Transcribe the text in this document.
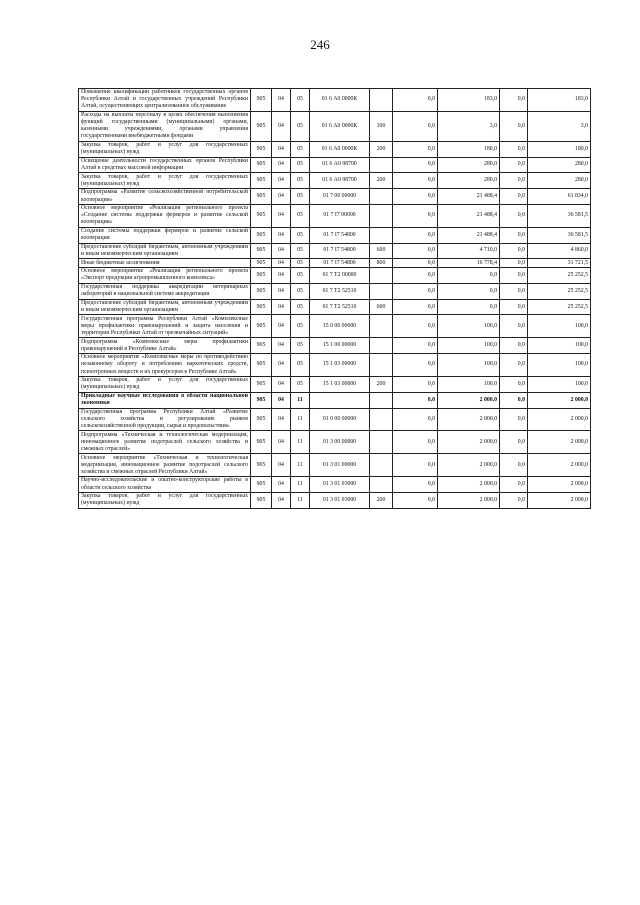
246
Повышение квалификации работников государственных органов Республики Алтай и государственных учреждений Республики Алтай, осуществляющих централизованное обслуживание	905	04	05	01 6 А0 0000К		0,0	183,0	0,0	183,0
Расходы на выплаты персоналу в целях обеспечения выполнения функций государственными (муниципальными) органами, казенными учреждениями, органами управления государственными внебюджетными фондами	905	04	05	01 6 А0 0000К	100	0,0	3,0	0,0	3,0
Закупка товаров, работ и услуг для государственных (муниципальных) нужд	905	04	05	01 6 А0 0000К	200	0,0	180,0	0,0	180,0
Освещение деятельности государственных органов Республики Алтай в средствах массовой информации	905	04	05	01 6 А0 98700		0,0	280,0	0,0	280,0
Закупка товаров, работ и услуг для государственных (муниципальных) нужд	905	04	05	01 6 А0 98700	200	0,0	280,0	0,0	280,0
Подпрограмма «Развитие сельскохозяйственной потребительской кооперации»	905	04	05	01 7 00 00000		0,0	21 488,4	0,0	61 834,0
Основное мероприятие «Реализация регионального проекта «Создание системы поддержки фермеров и развитие сельской кооперации»	905	04	05	01 7 I7 00000		0,0	21 488,4	0,0	36 581,5
Создание системы поддержки фермеров и развитие сельской кооперации	905	04	05	01 7 I7 54800		0,0	21 488,4	0,0	36 581,5
Предоставление субсидий бюджетным, автономным учреждениям и иным некоммерческим организациям	905	04	05	01 7 I7 54800	600	0,0	4 710,0	0,0	4 860,0
Иные бюджетные ассигнования	905	04	05	01 7 I7 54800	800	0,0	16 778,4	0,0	31 721,5
Основное мероприятие «Реализация регионального проекта «Экспорт продукции агропромышленного комплекса»	905	04	05	01 7 T2 00000		0,0	0,0	0,0	25 252,5
Государственная поддержка аккредитации ветеринарных лабораторий в национальной системе аккредитации	905	04	05	01 7 T2 52510		0,0	0,0	0,0	25 252,5
Предоставление субсидий бюджетным, автономным учреждениям и иным некоммерческим организациям	905	04	05	01 7 T2 52510	600	0,0	0,0	0,0	25 252,5
Государственная программа Республики Алтай «Комплексные меры профилактики правонарушений и защита населения и территории Республики Алтай от чрезвычайных ситуаций»	905	04	05	15 0 00 00000		0,0	100,0	0,0	100,0
Подпрограмма «Комплексные меры профилактики правонарушений в Республике Алтай»	905	04	05	15 1 00 00000		0,0	100,0	0,0	100,0
Основное мероприятие «Комплексные меры по противодействию незаконному обороту и потреблению наркотических средств, психотропных веществ и их прекурсоров в Республике Алтай»	905	04	05	15 1 03 00000		0,0	100,0	0,0	100,0
Закупка товаров, работ и услуг для государственных (муниципальных) нужд	905	04	05	15 1 03 00000	200	0,0	100,0	0,0	100,0
Прикладные научные исследования в области национальной экономики	905	04	11			0,0	2 000,0	0,0	2 000,0
Государственная программа Республики Алтай «Развитие сельского хозяйства и регулирование рынков сельскохозяйственной продукции, сырья и продовольствия»	905	04	11	01 0 00 00000		0,0	2 000,0	0,0	2 000,0
Подпрограмма «Техническая и технологическая модернизация, инновационное развитие подотраслей сельского хозяйства и смежных отраслей»	905	04	11	01 3 00 00000		0,0	2 000,0	0,0	2 000,0
Основное мероприятие «Техническая и технологическая модернизация, инновационное развитие подотраслей сельского хозяйства и смежных отраслей Республики Алтай»	905	04	11	01 3 01 00000		0,0	2 000,0	0,0	2 000,0
Научно-исследовательские и опытно-конструкторские работы в области сельского хозяйства	905	04	11	01 3 01 03000		0,0	2 000,0	0,0	2 000,0
Закупка товаров, работ и услуг для государственных (муниципальных) нужд	905	04	11	01 3 01 03000	200	0,0	2 000,0	0,0	2 000,0
